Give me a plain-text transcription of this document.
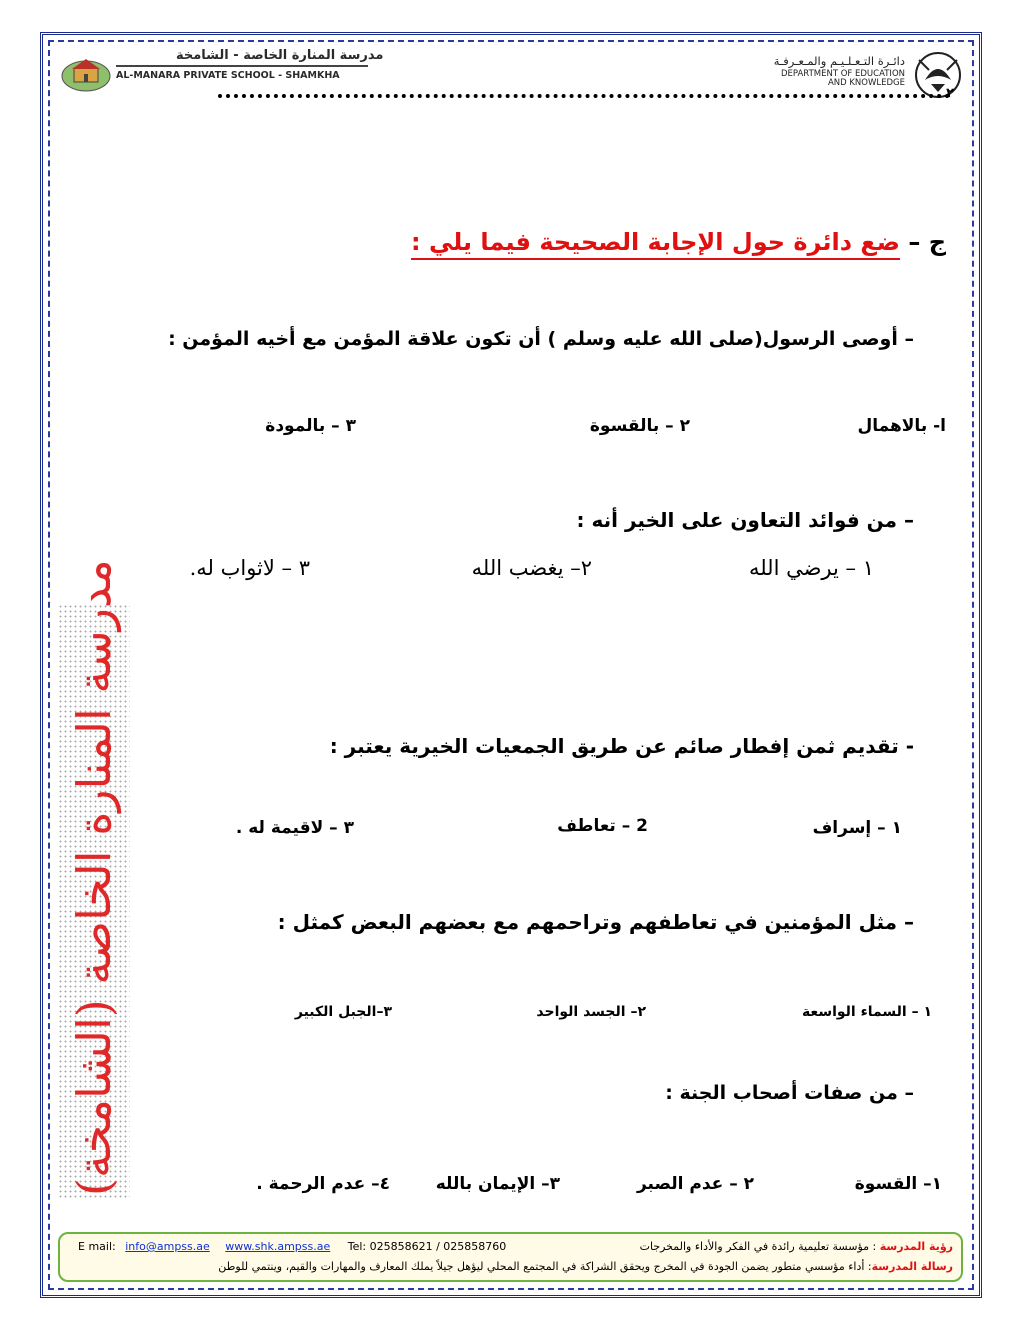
مدرسة المنارة الخاصة - الشامخة
AL-MANARA PRIVATE SCHOOL - SHAMKHA
دائـرة التـعـلـيـم والمـعـرفـة
DEPARTMENT OF EDUCATION
AND KNOWLEDGE
٢
ج – ضع دائرة حول الإجابة الصحيحة فيما يلي :
– أوصى الرسول(صلى الله عليه وسلم ) أن تكون علاقة المؤمن مع أخيه المؤمن :
ا- بالاهمال
٢ – بالقسوة
٣ – بالمودة
– من فوائد التعاون على الخير أنه :
١ – يرضي الله
٢– يغضب الله
٣ – لاثواب له.
- تقديم ثمن إفطار صائم عن طريق الجمعيات الخيرية يعتبر :
١ – إسراف
2 – تعاطف
٣ – لاقيمة له .
– مثل المؤمنين في تعاطفهم وتراحمهم مع بعضهم البعض كمثل :
١ – السماء الواسعة
٢– الجسد الواحد
٣–الجبل الكبير
– من صفات أصحاب الجنة :
١– القسوة
٢ – عدم الصبر
٣– الإيمان بالله
٤– عدم الرحمة .
مدرسة المنارة الخاصة (الشامخة)
رؤية المدرسة : مؤسسة تعليمية رائدة في الفكر والأداء والمخرجات
رسالة المدرسة: أداء مؤسسي متطور يضمن الجودة في المخرج ويحقق الشراكة في المجتمع المحلي ليؤهل جيلاً يملك المعارف والمهارات والقيم، وينتمي للوطن
E mail: info@ampss.ae www.shk.ampss.ae Tel: 025858621 / 025858760
